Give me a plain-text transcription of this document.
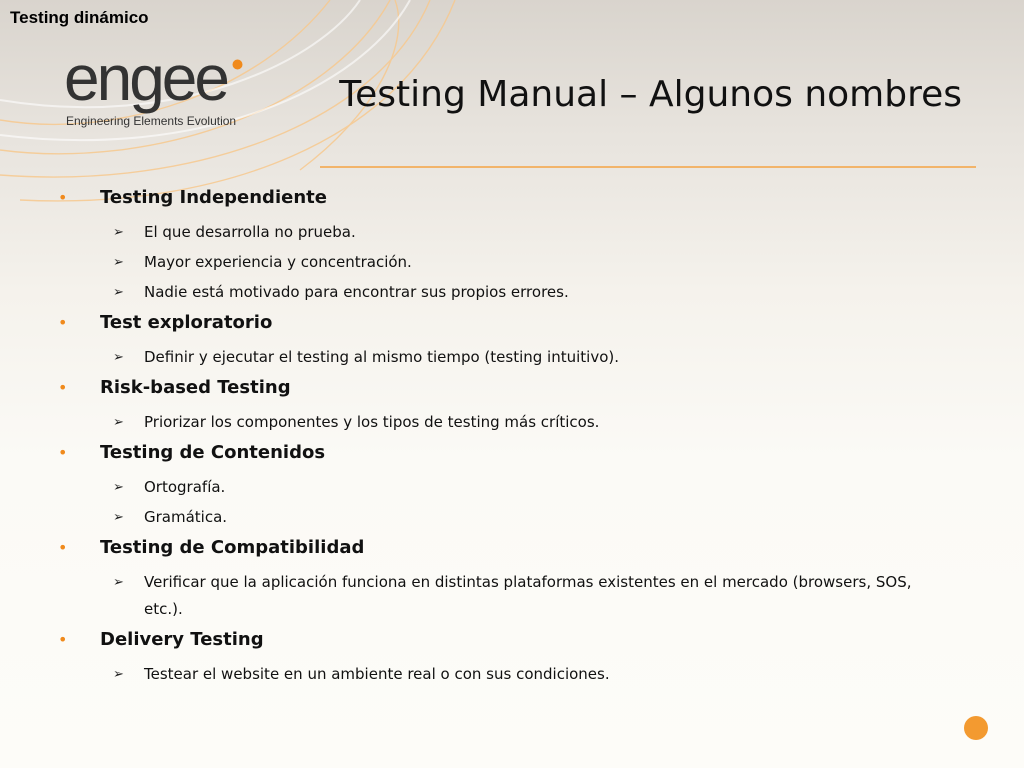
Testing dinámico
engee
Engineering Elements Evolution
Testing Manual – Algunos nombres
• Testing Independiente
➢ El que desarrolla no prueba.
➢ Mayor experiencia y concentración.
➢ Nadie está motivado para encontrar sus propios errores.
• Test exploratorio
➢ Definir y ejecutar el testing al mismo tiempo (testing intuitivo).
• Risk-based Testing
➢ Priorizar los componentes y los tipos de testing más críticos.
• Testing de Contenidos
➢ Ortografía.
➢ Gramática.
• Testing de Compatibilidad
➢ Verificar que la aplicación funciona en distintas plataformas existentes en el mercado (browsers, SOS, etc.).
• Delivery Testing
➢ Testear el website en un ambiente real o con sus condiciones.
